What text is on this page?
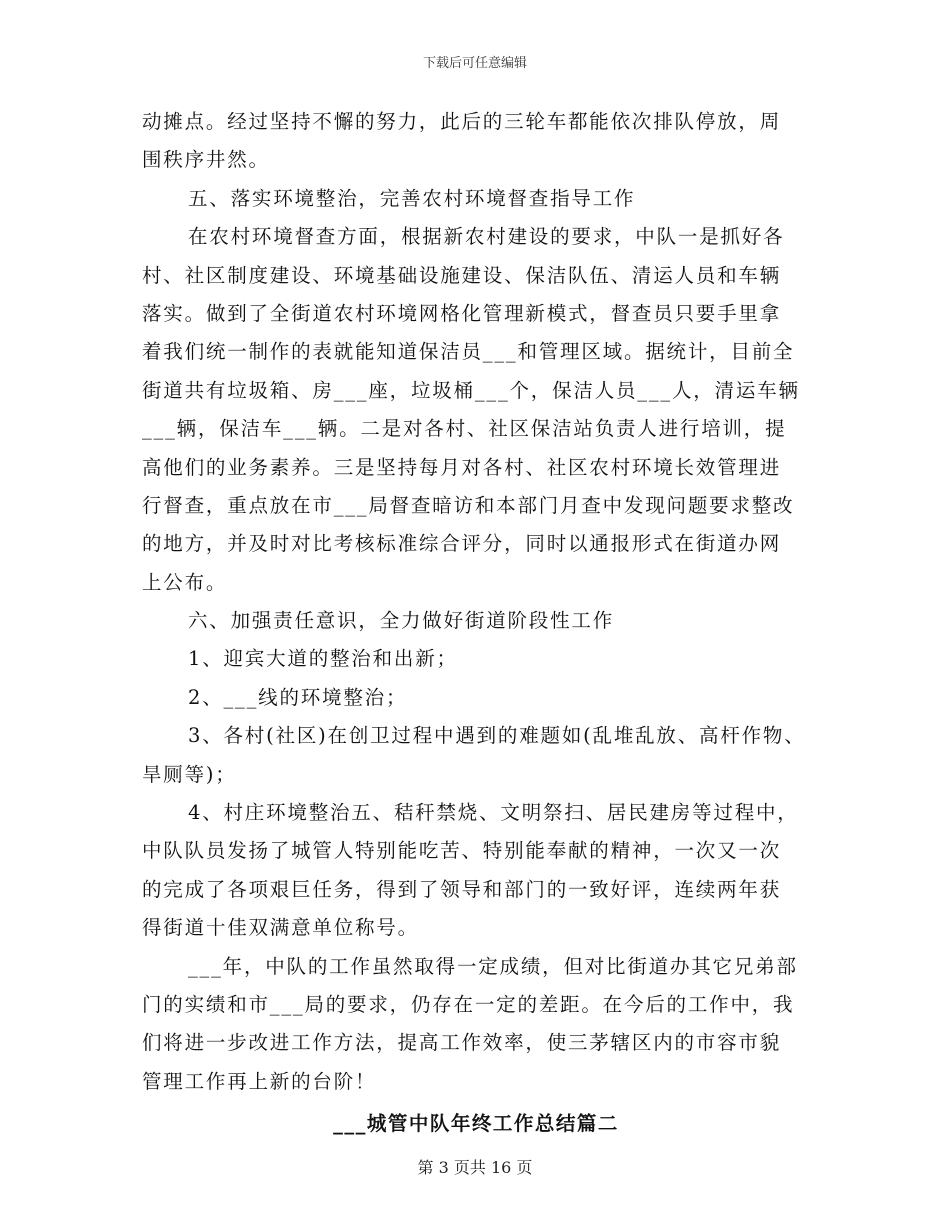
下载后可任意编辑
动摊点。经过坚持不懈的努力，此后的三轮车都能依次排队停放，周
围秩序井然。
五、落实环境整治，完善农村环境督查指导工作
在农村环境督查方面，根据新农村建设的要求，中队一是抓好各
村、社区制度建设、环境基础设施建设、保洁队伍、清运人员和车辆
落实。做到了全街道农村环境网格化管理新模式，督查员只要手里拿
着我们统一制作的表就能知道保洁员___和管理区域。据统计，目前全
街道共有垃圾箱、房___座，垃圾桶___个，保洁人员___人，清运车辆
___辆，保洁车___辆。二是对各村、社区保洁站负责人进行培训，提
高他们的业务素养。三是坚持每月对各村、社区农村环境长效管理进
行督查，重点放在市___局督查暗访和本部门月查中发现问题要求整改
的地方，并及时对比考核标准综合评分，同时以通报形式在街道办网
上公布。
六、加强责任意识，全力做好街道阶段性工作
1、迎宾大道的整治和出新；
2、___线的环境整治；
3、各村(社区)在创卫过程中遇到的难题如(乱堆乱放、高杆作物、
旱厕等)；
4、村庄环境整治五、秸秆禁烧、文明祭扫、居民建房等过程中，
中队队员发扬了城管人特别能吃苦、特别能奉献的精神，一次又一次
的完成了各项艰巨任务，得到了领导和部门的一致好评，连续两年获
得街道十佳双满意单位称号。
___年，中队的工作虽然取得一定成绩，但对比街道办其它兄弟部
门的实绩和市___局的要求，仍存在一定的差距。在今后的工作中，我
们将进一步改进工作方法，提高工作效率，使三茅辖区内的市容市貌
管理工作再上新的台阶！
___城管中队年终工作总结篇二
第 3 页共 16 页
